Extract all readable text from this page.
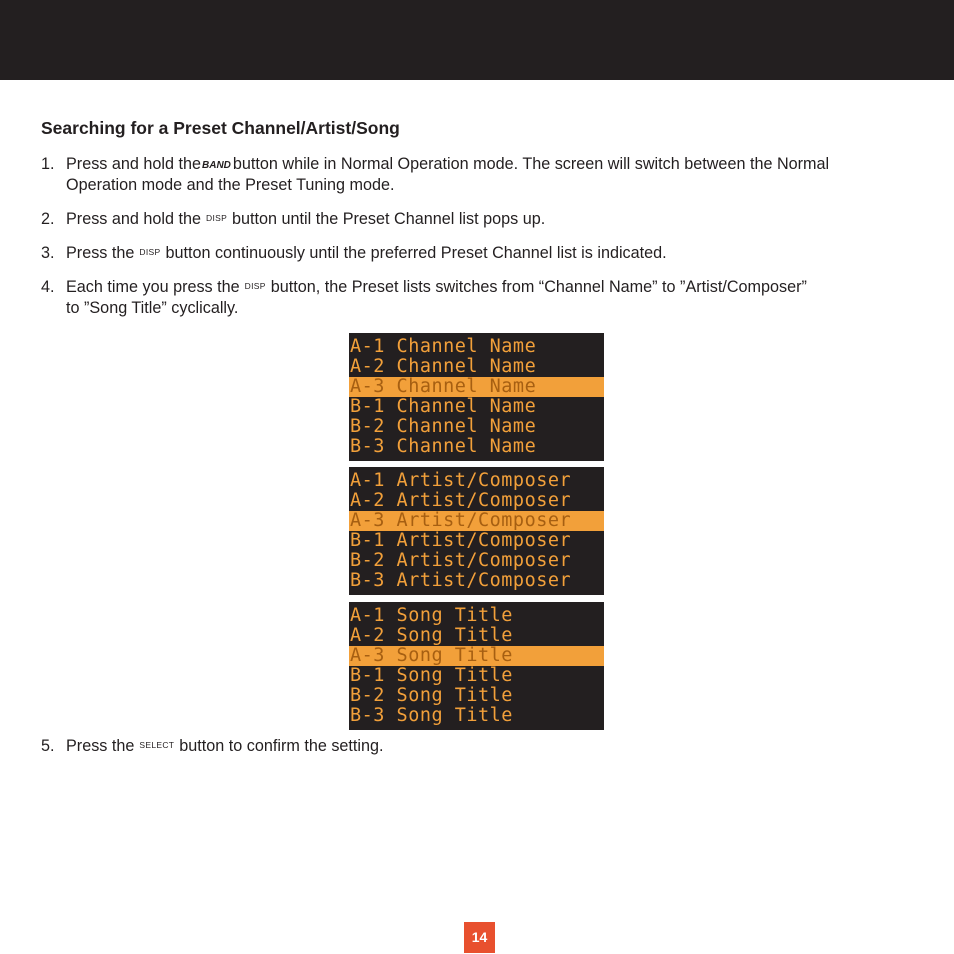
Searching for a Preset Channel/Artist/Song
1. Press and hold theBAND button while in Normal Operation mode. The screen will switch between the Normal
Operation mode and the Preset Tuning mode.
2. Press and hold the DISP button until the Preset Channel list pops up.
3. Press the DISP button continuously until the preferred Preset Channel list is indicated.
4. Each time you press the DISP button, the Preset lists switches from “Channel Name” to ”Artist/Composer”
to ”Song Title” cyclically.
A-1 Channel Name
A-2 Channel Name
A-3 Channel Name
B-1 Channel Name
B-2 Channel Name
B-3 Channel Name
A-1 Artist/Composer
A-2 Artist/Composer
A-3 Artist/Composer
B-1 Artist/Composer
B-2 Artist/Composer
B-3 Artist/Composer
A-1 Song Title
A-2 Song Title
A-3 Song Title
B-1 Song Title
B-2 Song Title
B-3 Song Title
5. Press the SELECT button to confirm the setting.
14
